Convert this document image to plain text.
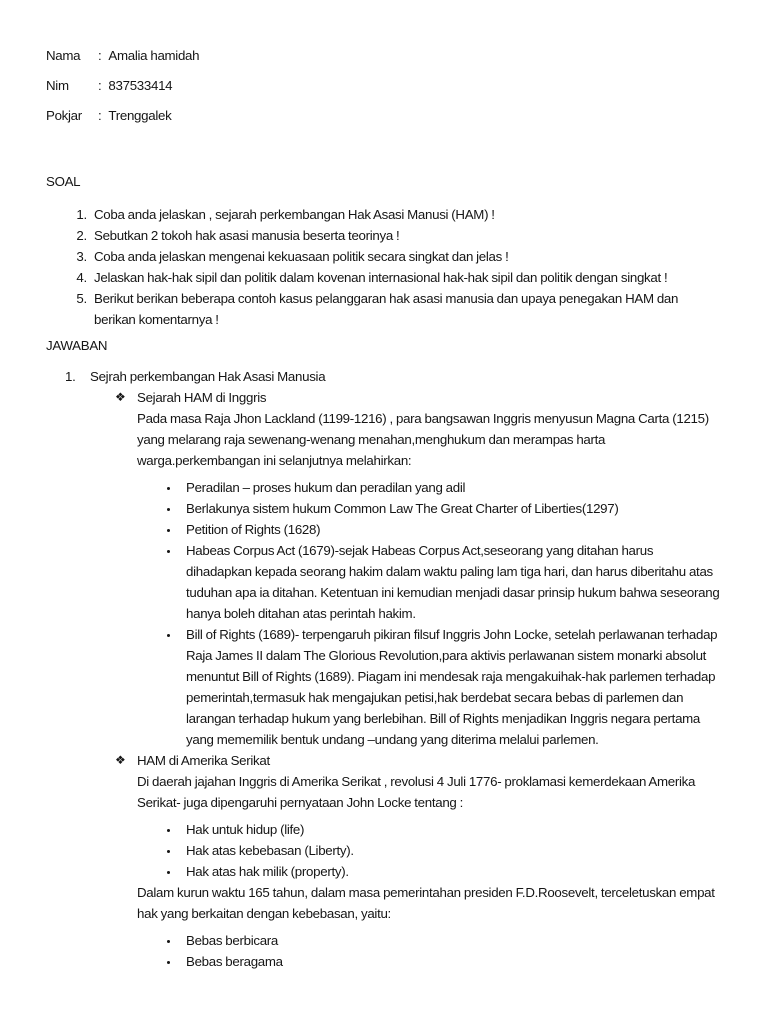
Nama	: Amalia hamidah
Nim	: 837533414
Pokjar	: Trenggalek
SOAL
1. Coba anda jelaskan , sejarah perkembangan Hak Asasi Manusi (HAM) !
2. Sebutkan 2 tokoh hak asasi manusia beserta teorinya !
3. Coba anda jelaskan mengenai kekuasaan politik secara singkat dan jelas !
4. Jelaskan hak-hak sipil dan politik dalam kovenan internasional hak-hak sipil dan politik dengan singkat !
5. Berikut berikan beberapa contoh kasus pelanggaran hak asasi manusia dan upaya penegakan HAM dan berikan komentarnya !
JAWABAN
1.	Sejrah perkembangan Hak Asasi Manusia
❖ Sejarah HAM di Inggris

Pada masa Raja Jhon Lackland (1199-1216) , para bangsawan Inggris menyusun Magna Carta (1215) yang melarang raja sewenang-wenang menahan,menghukum dan merampas harta warga.perkembangan ini selanjutnya melahirkan:

• Peradilan – proses hukum dan peradilan yang adil
• Berlakunya sistem hukum Common Law The Great Charter of Liberties(1297)
• Petition of Rights (1628)
• Habeas Corpus Act (1679)-sejak Habeas Corpus Act,seseorang yang ditahan harus dihadapkan kepada seorang hakim dalam waktu paling lam tiga hari, dan harus diberitahu atas tuduhan apa ia ditahan. Ketentuan ini kemudian menjadi dasar prinsip hukum bahwa seseorang hanya boleh ditahan atas perintah hakim.
• Bill of Rights (1689)- terpengaruh pikiran filsuf Inggris John Locke, setelah perlawanan terhadap Raja James II dalam The Glorious Revolution,para aktivis perlawanan sistem monarki absolut menuntut Bill of Rights (1689). Piagam ini mendesak raja mengakuihak-hak parlemen terhadap pemerintah,termasuk hak mengajukan petisi,hak berdebat secara bebas di parlemen dan larangan terhadap hukum yang berlebihan. Bill of Rights menjadikan Inggris negara pertama yang mememilik bentuk undang –undang yang diterima melalui parlemen.
❖ HAM di Amerika Serikat

Di daerah jajahan Inggris di Amerika Serikat , revolusi 4 Juli 1776- proklamasi kemerdekaan Amerika Serikat- juga dipengaruhi pernyataan John Locke tentang :

• Hak untuk hidup (life)
• Hak atas kebebasan (Liberty).
• Hak atas hak milik (property).

Dalam kurun waktu 165 tahun, dalam masa pemerintahan presiden F.D.Roosevelt, terceletuskan empat hak yang berkaitan dengan kebebasan, yaitu:

• Bebas berbicara
• Bebas beragama
